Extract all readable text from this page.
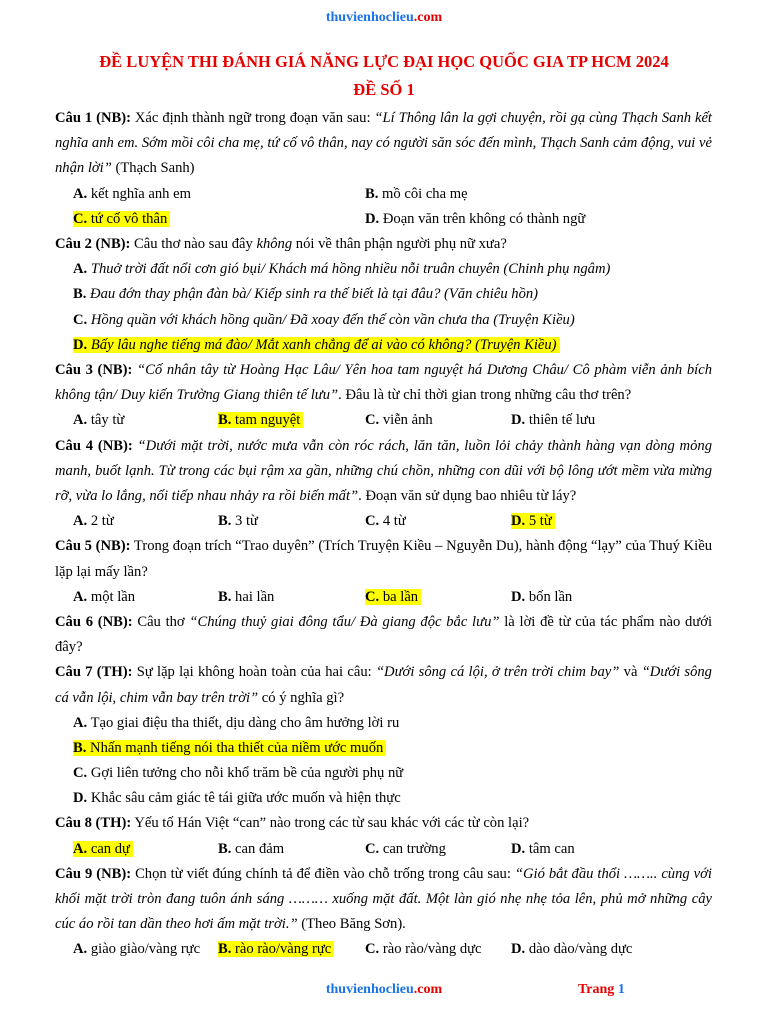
thuvienhoclieu.com
ĐỀ LUYỆN THI ĐÁNH GIÁ NĂNG LỰC ĐẠI HỌC QUỐC GIA TP HCM 2024
ĐỀ SỐ 1
Câu 1 (NB): Xác định thành ngữ trong đoạn văn sau: “Lí Thông lân la gợi chuyện, rồi gạ cùng Thạch Sanh kết nghĩa anh em. Sớm mồi côi cha mẹ, tứ cố vô thân, nay có người săn sóc đến mình, Thạch Sanh cảm động, vui vẻ nhận lời” (Thạch Sanh)
A. kết nghĩa anh em	B. mồ côi cha mẹ
C. tứ cố vô thân	D. Đoạn văn trên không có thành ngữ
Câu 2 (NB): Câu thơ nào sau đây không nói về thân phận người phụ nữ xưa?
A. Thuở trời đất nổi cơn gió bụi/ Khách má hồng nhiều nỗi truân chuyên (Chinh phụ ngâm)
B. Đau đớn thay phận đàn bà/ Kiếp sinh ra thế biết là tại đâu? (Văn chiêu hồn)
C. Hồng quần với khách hồng quần/ Đã xoay đến thế còn vần chưa tha (Truyện Kiều)
D. Bấy lâu nghe tiếng má đào/ Mắt xanh chẳng để ai vào có không? (Truyện Kiều)
Câu 3 (NB): “Cố nhân tây từ Hoàng Hạc Lâu/ Yên hoa tam nguyệt há Dương Châu/ Cô phàm viễn ảnh bích không tận/ Duy kiến Trường Giang thiên tế lưu”. Đâu là từ chỉ thời gian trong những câu thơ trên?
A. tây từ	B. tam nguyệt	C. viễn ảnh	D. thiên tế lưu
Câu 4 (NB): “Dưới mặt trời, nước mưa vẫn còn róc rách, lăn tăn, luồn lỏi chảy thành hàng vạn dòng mỏng manh, buốt lạnh. Từ trong các bụi rậm xa gần, những chú chồn, những con dũi với bộ lông ướt mềm vừa mừng rỡ, vừa lo lắng, nối tiếp nhau nhảy ra rồi biến mất”. Đoạn văn sử dụng bao nhiêu từ láy?
A. 2 từ	B. 3 từ	C. 4 từ	D. 5 từ
Câu 5 (NB): Trong đoạn trích “Trao duyên” (Trích Truyện Kiều – Nguyễn Du), hành động “lạy” của Thuý Kiều lặp lại mấy lần?
A. một lần	B. hai lần	C. ba lần	D. bốn lần
Câu 6 (NB): Câu thơ “Chúng thuỷ giai đông tẩu/ Đà giang độc bắc lưu” là lời đề từ của tác phẩm nào dưới đây?
Câu 7 (TH): Sự lặp lại không hoàn toàn của hai câu: “Dưới sông cá lội, ở trên trời chim bay” và “Dưới sông cá vẫn lội, chim vẫn bay trên trời” có ý nghĩa gì?
A. Tạo giai điệu tha thiết, dịu dàng cho âm hưởng lời ru
B. Nhấn mạnh tiếng nói tha thiết của niềm ước muốn
C. Gợi liên tưởng cho nỗi khổ trăm bề của người phụ nữ
D. Khắc sâu cảm giác tê tái giữa ước muốn và hiện thực
Câu 8 (TH): Yếu tố Hán Việt “can” nào trong các từ sau khác với các từ còn lại?
A. can dự	B. can đảm	C. can trường	D. tâm can
Câu 9 (NB): Chọn từ viết đúng chính tả để điền vào chỗ trống trong câu sau: “Gió bắt đầu thổi …….. cùng với khối mặt trời tròn đang tuôn ánh sáng ……… xuống mặt đất. Một làn gió nhẹ nhẹ tỏa lên, phủ mở những cây cúc áo rồi tan dần theo hơi ấm mặt trời.” (Theo Băng Sơn).
A. giào giào/vàng rực	B. rào rào/vàng rực	C. rào rào/vàng dực	D. dào dào/vàng dực
thuvienhoclieu.com	Trang 1
